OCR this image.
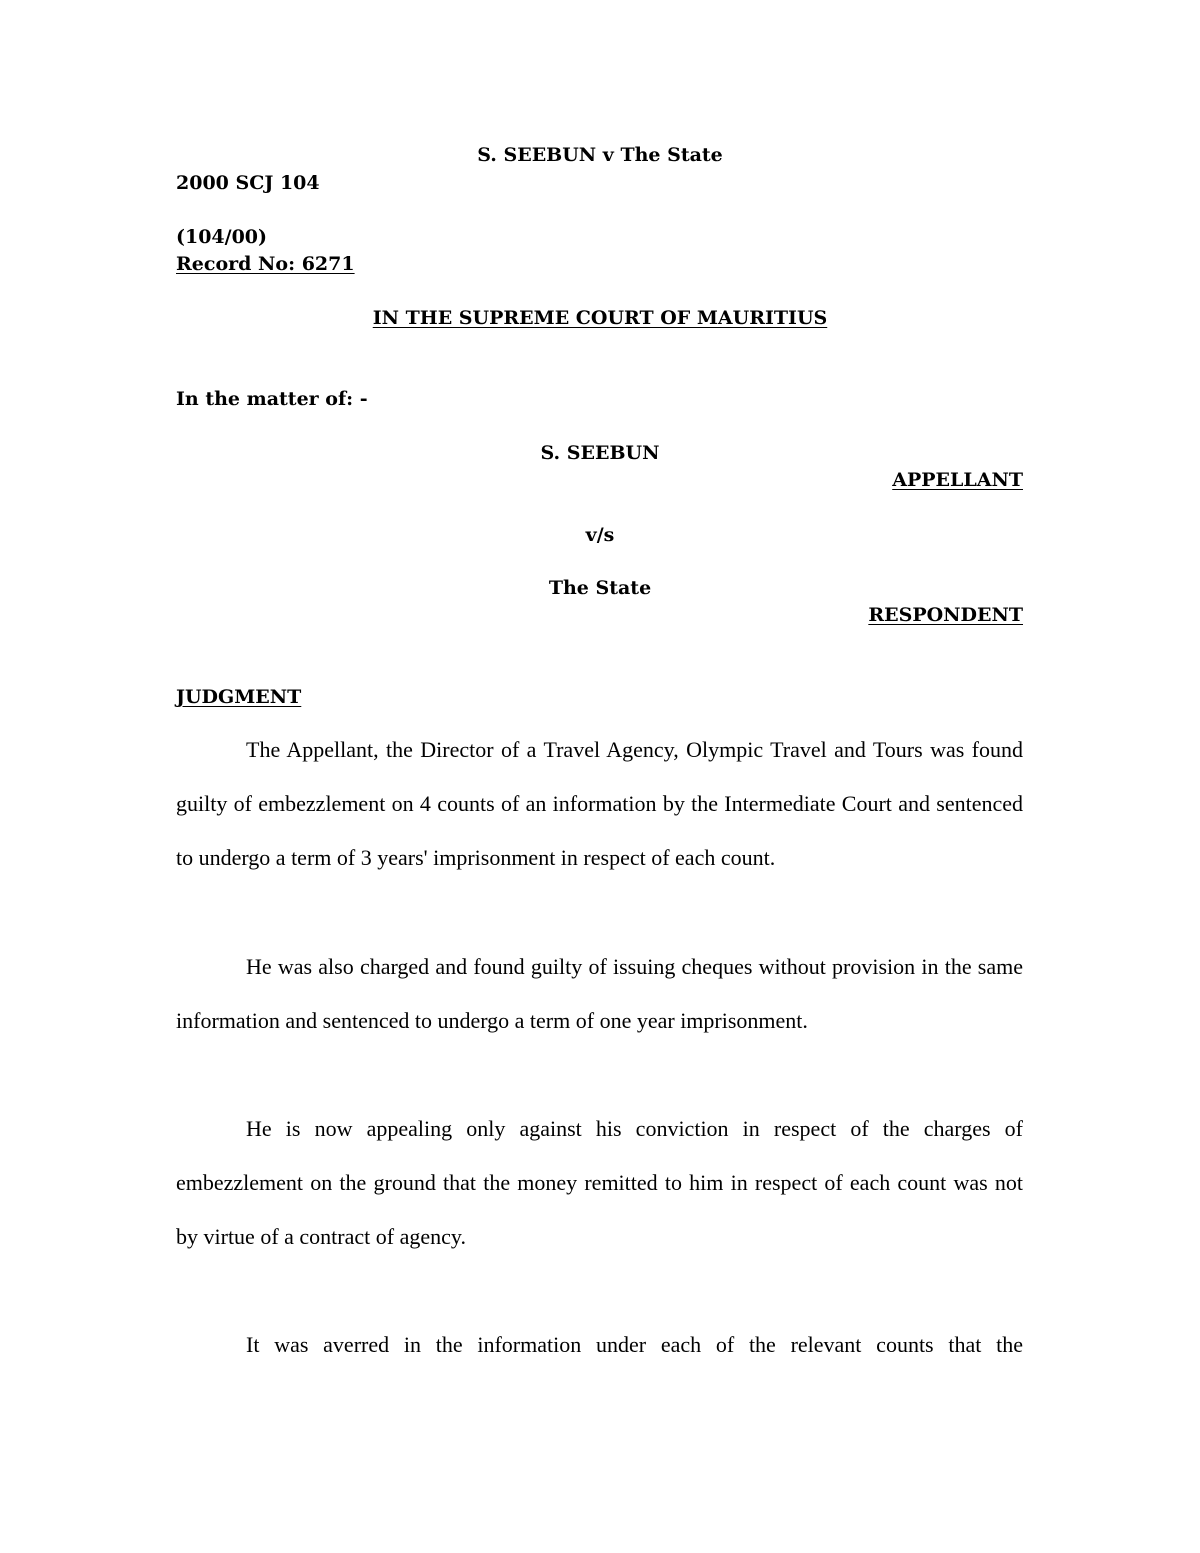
S. SEEBUN v The State
2000 SCJ 104
(104/00)
Record No: 6271
IN THE SUPREME COURT OF MAURITIUS
In the matter of: -
S. SEEBUN
APPELLANT
v/s
The State
RESPONDENT
JUDGMENT

The Appellant, the Director of a Travel Agency, Olympic Travel and Tours was found guilty of embezzlement on 4 counts of an information by the Intermediate Court and sentenced to undergo a term of 3 years' imprisonment in respect of each count.

He was also charged and found guilty of issuing cheques without provision in the same information and sentenced to undergo a term of one year imprisonment.

He is now appealing only against his conviction in respect of the charges of embezzlement on the ground that the money remitted to him in respect of each count was not by virtue of a contract of agency.

It was averred in the information under each of the relevant counts that the
